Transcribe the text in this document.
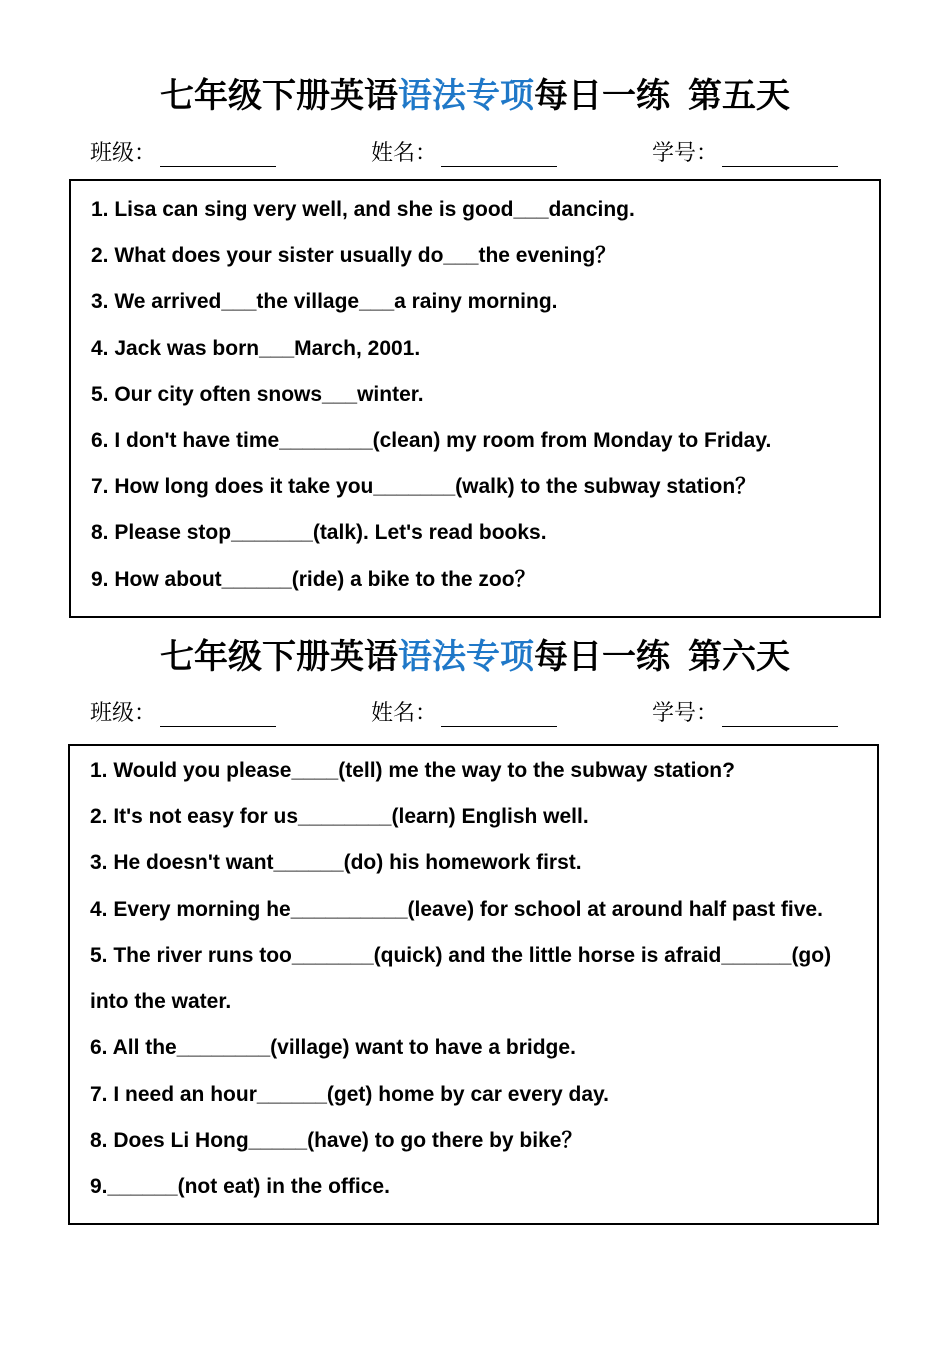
七年级下册英语语法专项每日一练 第五天
班级：	姓名：	学号：
1. Lisa can sing very well, and she is good___dancing.
2. What does your sister usually do___the evening？
3. We arrived___the village___a rainy morning.
4. Jack was born___March, 2001.
5. Our city often snows___winter.
6. I don't have time________(clean) my room from Monday to Friday.
7. How long does it take you_______(walk) to the subway station？
8. Please stop_______(talk). Let's read books.
9. How about______(ride) a bike to the zoo？
七年级下册英语语法专项每日一练 第六天
班级：	姓名：	学号：
1. Would you please____(tell) me the way to the subway station?
2. It's not easy for us________(learn) English well.
3. He doesn't want______(do) his homework first.
4. Every morning he__________(leave) for school at around half past five.
5. The river runs too_______(quick) and the little horse is afraid______(go)
into the water.
6. All the________(village) want to have a bridge.
7. I need an hour______(get) home by car every day.
8. Does Li Hong_____(have) to go there by bike？
9.______(not eat) in the office.
